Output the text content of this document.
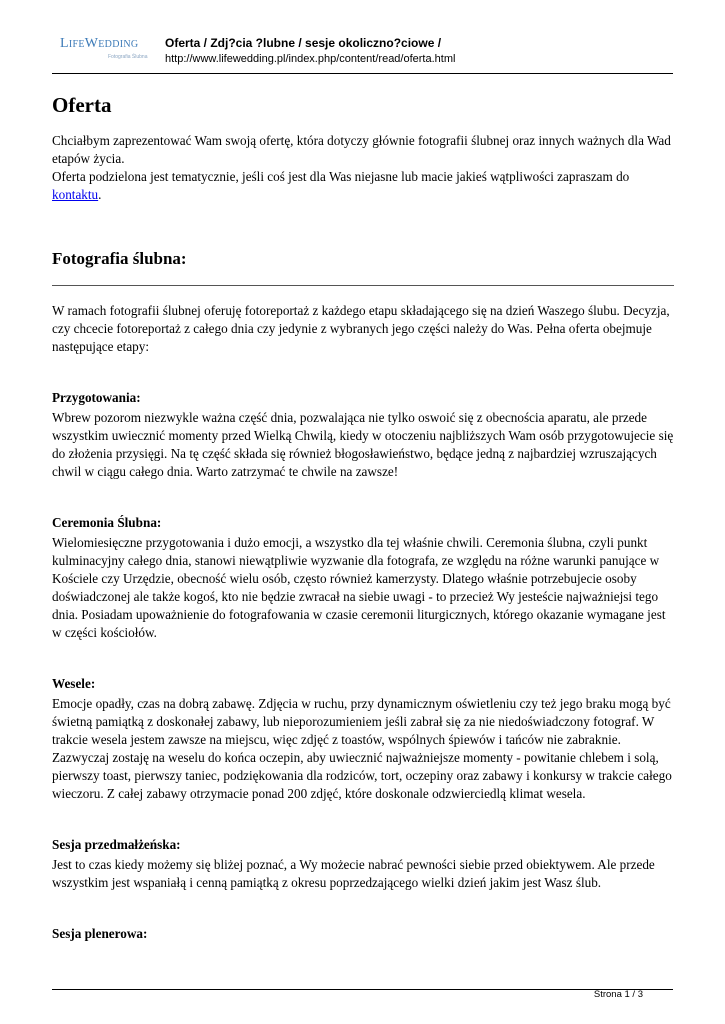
LifeWedding
Fotografia Ślubna
Oferta / Zdj?cia ?lubne / sesje okoliczno?ciowe /
http://www.lifewedding.pl/index.php/content/read/oferta.html
Oferta

Chciałbym zaprezentować Wam swoją ofertę, która dotyczy głównie fotografii ślubnej oraz innych ważnych dla Wad etapów życia.

Oferta podzielona jest tematycznie, jeśli coś jest dla Was niejasne lub macie jakieś wątpliwości zapraszam do kontaktu.

Fotografia ślubna:

W ramach fotografii ślubnej oferuję fotoreportaż z każdego etapu składającego się na dzień Waszego ślubu. Decyzja, czy chcecie fotoreportaż z całego dnia czy jedynie z wybranych jego części należy do Was. Pełna oferta obejmuje następujące etapy:

Przygotowania:

Wbrew pozorom niezwykle ważna część dnia, pozwalająca nie tylko oswoić się z obecnościa aparatu, ale przede wszystkim uwiecznić momenty przed Wielką Chwilą, kiedy w otoczeniu najbliższych Wam osób przygotowujecie się do złożenia przysięgi. Na tę część składa się również błogosławieństwo, będące jedną z najbardziej wzruszających chwil w ciągu całego dnia. Warto zatrzymać te chwile na zawsze!

Ceremonia Ślubna:

Wielomiesięczne przygotowania i dużo emocji, a wszystko dla tej właśnie chwili. Ceremonia ślubna, czyli punkt kulminacyjny całego dnia, stanowi niewątpliwie wyzwanie dla fotografa, ze względu na różne warunki panujące w Kościele czy Urzędzie, obecność wielu osób, często również kamerzysty. Dlatego właśnie potrzebujecie osoby doświadczonej ale także kogoś, kto nie będzie zwracał na siebie uwagi - to przecież Wy jesteście najważniejsi tego dnia. Posiadam upoważnienie do fotografowania w czasie ceremonii liturgicznych, którego okazanie wymagane jest w części kościołów.

Wesele:

Emocje opadły, czas na dobrą zabawę. Zdjęcia w ruchu, przy dynamicznym oświetleniu czy też jego braku mogą być świetną pamiątką z doskonałej zabawy, lub nieporozumieniem jeśli zabrał się za nie niedoświadczony fotograf. W trakcie wesela jestem zawsze na miejscu, więc zdjęć z toastów, wspólnych śpiewów i tańców nie zabraknie. Zazwyczaj zostaję na weselu do końca oczepin, aby uwiecznić najważniejsze momenty - powitanie chlebem i solą, pierwszy toast, pierwszy taniec, podziękowania dla rodziców, tort, oczepiny oraz zabawy i konkursy w trakcie całego wieczoru. Z całej zabawy otrzymacie ponad 200 zdjęć, które doskonale odzwierciedlą klimat wesela.

Sesja przedmałżeńska:

Jest to czas kiedy możemy się bliżej poznać, a Wy możecie nabrać pewności siebie przed obiektywem. Ale przede wszystkim jest wspaniałą i cenną pamiątką z okresu poprzedzającego wielki dzień jakim jest Wasz ślub.

Sesja plenerowa:

Strona 1 / 3
